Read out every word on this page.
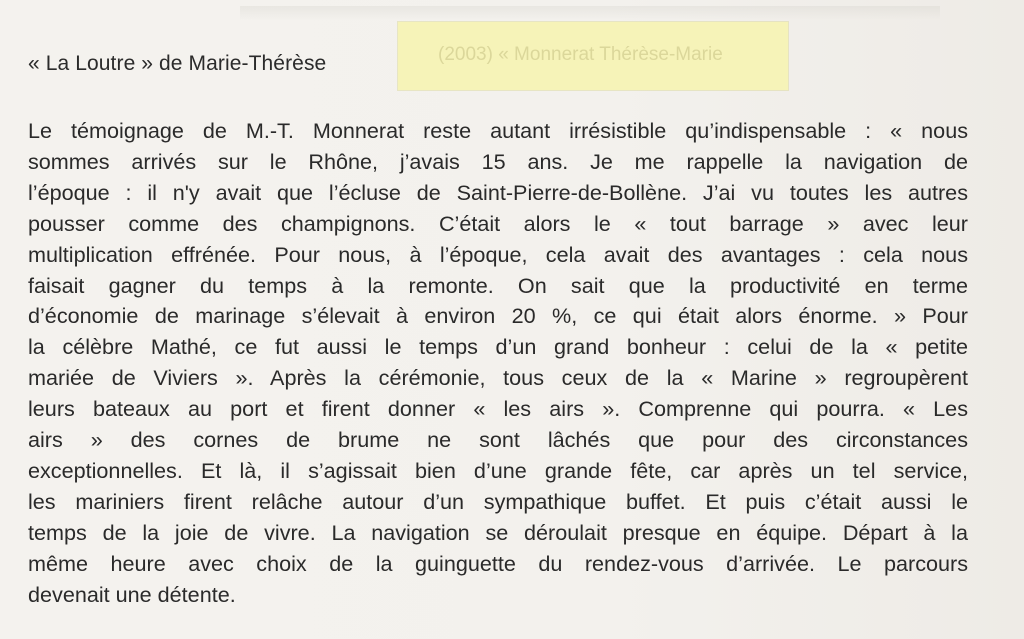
(2003) « Monnerat Thérèse-Marie
« La Loutre » de Marie-Thérèse

Le témoignage de M.-T. Monnerat reste autant irrésistible qu’indispensable : « nous
sommes arrivés sur le Rhône, j’avais 15 ans. Je me rappelle la navigation de
l’époque : il n'y avait que l’écluse de Saint-Pierre-de-Bollène. J’ai vu toutes les autres
pousser comme des champignons. C’était alors le « tout barrage » avec leur
multiplication effrénée. Pour nous, à l’époque, cela avait des avantages : cela nous
faisait gagner du temps à la remonte. On sait que la productivité en terme
d’économie de marinage s’élevait à environ 20 %, ce qui était alors énorme. » Pour
la célèbre Mathé, ce fut aussi le temps d’un grand bonheur : celui de la « petite
mariée de Viviers ». Après la cérémonie, tous ceux de la « Marine » regroupèrent
leurs bateaux au port et firent donner « les airs ». Comprenne qui pourra. « Les
airs » des cornes de brume ne sont lâchés que pour des circonstances
exceptionnelles. Et là, il s’agissait bien d’une grande fête, car après un tel service,
les mariniers firent relâche autour d’un sympathique buffet. Et puis c’était aussi le
temps de la joie de vivre. La navigation se déroulait presque en équipe. Départ à la
même heure avec choix de la guinguette du rendez-vous d’arrivée. Le parcours
devenait une détente.
